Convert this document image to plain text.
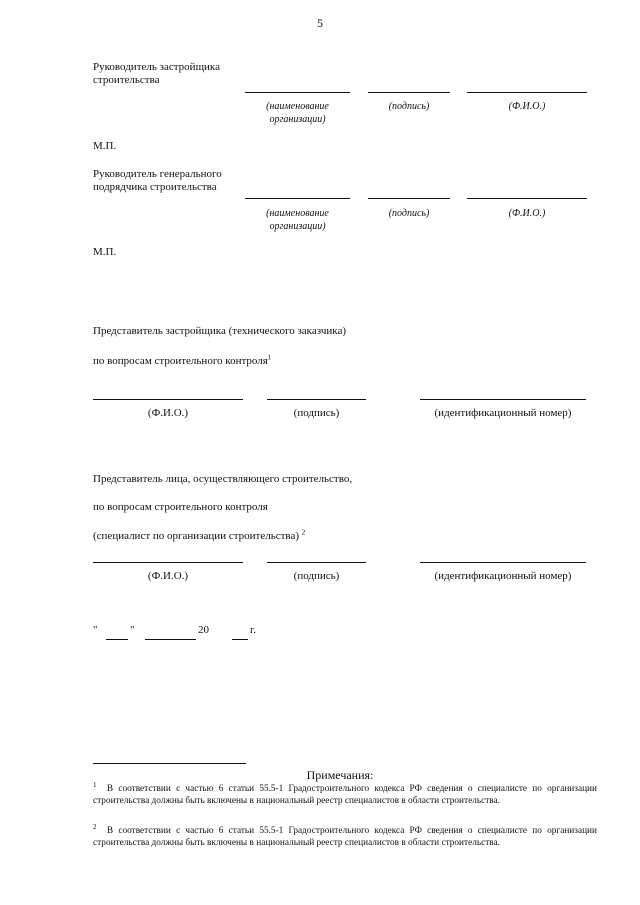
5
Руководитель застройщика
строительства
(наименование
организации)
(подпись)	(Ф.И.О.)
М.П.
Руководитель генерального
подрядчика строительства
(наименование
организации)
(подпись)	(Ф.И.О.)
М.П.

Представитель застройщика (технического заказчика)

по вопросам строительного контроля$^1$

(Ф.И.О.)	(подпись)	(идентификационный номер)

Представитель лица, осуществляющего строительство,

по вопросам строительного контроля

(специалист по организации строительства) $^2$

(Ф.И.О.)	(подпись)	(идентификационный номер)
"	"	20	г.
Примечания:
$^1$ В соответствии с частью 6 статьи 55.5-1 Градостроительного кодекса РФ сведения о специалисте по организации строительства должны быть включены в национальный реестр специалистов в области строительства.
$^2$ В соответствии с частью 6 статьи 55.5-1 Градостроительного кодекса РФ сведения о специалисте по организации строительства должны быть включены в национальный реестр специалистов в области строительства.
